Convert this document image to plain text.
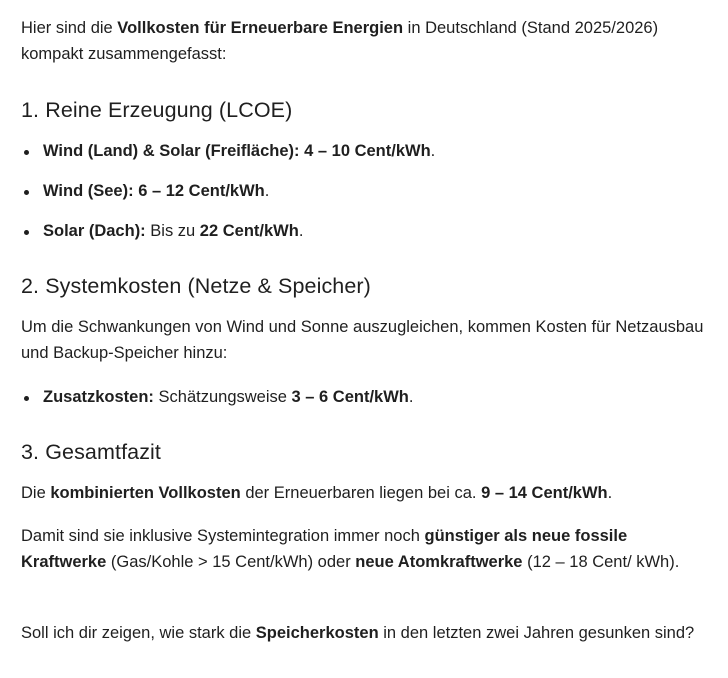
Hier sind die Vollkosten für Erneuerbare Energien in Deutschland (Stand 2025/2026) kompakt zusammengefasst:

1. Reine Erzeugung (LCOE)
Wind (Land) & Solar (Freifläche): 4 – 10 Cent/kWh.
Wind (See): 6 – 12 Cent/kWh.
Solar (Dach): Bis zu 22 Cent/kWh.
2. Systemkosten (Netze & Speicher)

Um die Schwankungen von Wind und Sonne auszugleichen, kommen Kosten für Netzausbau und Backup-Speicher hinzu:

Zusatzkosten: Schätzungsweise 3 – 6 Cent/kWh.
3. Gesamtfazit

Die kombinierten Vollkosten der Erneuerbaren liegen bei ca. 9 – 14 Cent/kWh.

Damit sind sie inklusive Systemintegration immer noch günstiger als neue fossile Kraftwerke (Gas/Kohle > 15 Cent/kWh) oder neue Atomkraftwerke (12 – 18 Cent/ kWh).

Soll ich dir zeigen, wie stark die Speicherkosten in den letzten zwei Jahren gesunken sind?
